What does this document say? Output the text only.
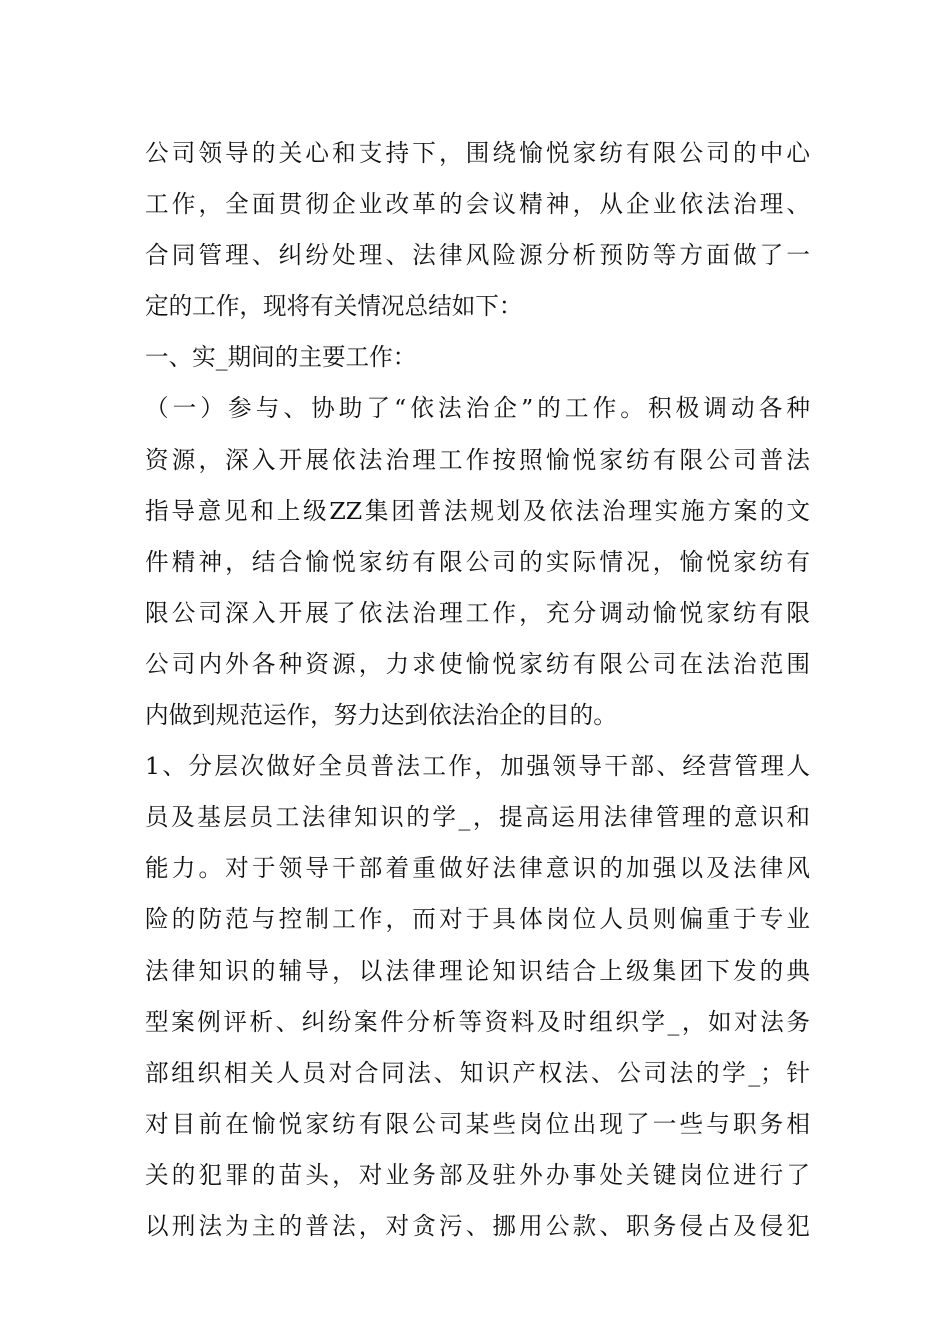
公司领导的关心和支持下，围绕愉悦家纺有限公司的中心
工作，全面贯彻企业改革的会议精神，从企业依法治理、
合同管理、纠纷处理、法律风险源分析预防等方面做了一
定的工作，现将有关情况总结如下：
一、实_期间的主要工作：
（一）参与、协助了“依法治企”的工作。积极调动各种
资源，深入开展依法治理工作按照愉悦家纺有限公司普法
指导意见和上级ZZ集团普法规划及依法治理实施方案的文
件精神，结合愉悦家纺有限公司的实际情况，愉悦家纺有
限公司深入开展了依法治理工作，充分调动愉悦家纺有限
公司内外各种资源，力求使愉悦家纺有限公司在法治范围
内做到规范运作，努力达到依法治企的目的。
1、分层次做好全员普法工作，加强领导干部、经营管理人
员及基层员工法律知识的学_，提高运用法律管理的意识和
能力。对于领导干部着重做好法律意识的加强以及法律风
险的防范与控制工作，而对于具体岗位人员则偏重于专业
法律知识的辅导，以法律理论知识结合上级集团下发的典
型案例评析、纠纷案件分析等资料及时组织学_，如对法务
部组织相关人员对合同法、知识产权法、公司法的学_；针
对目前在愉悦家纺有限公司某些岗位出现了一些与职务相
关的犯罪的苗头，对业务部及驻外办事处关键岗位进行了
以刑法为主的普法，对贪污、挪用公款、职务侵占及侵犯
